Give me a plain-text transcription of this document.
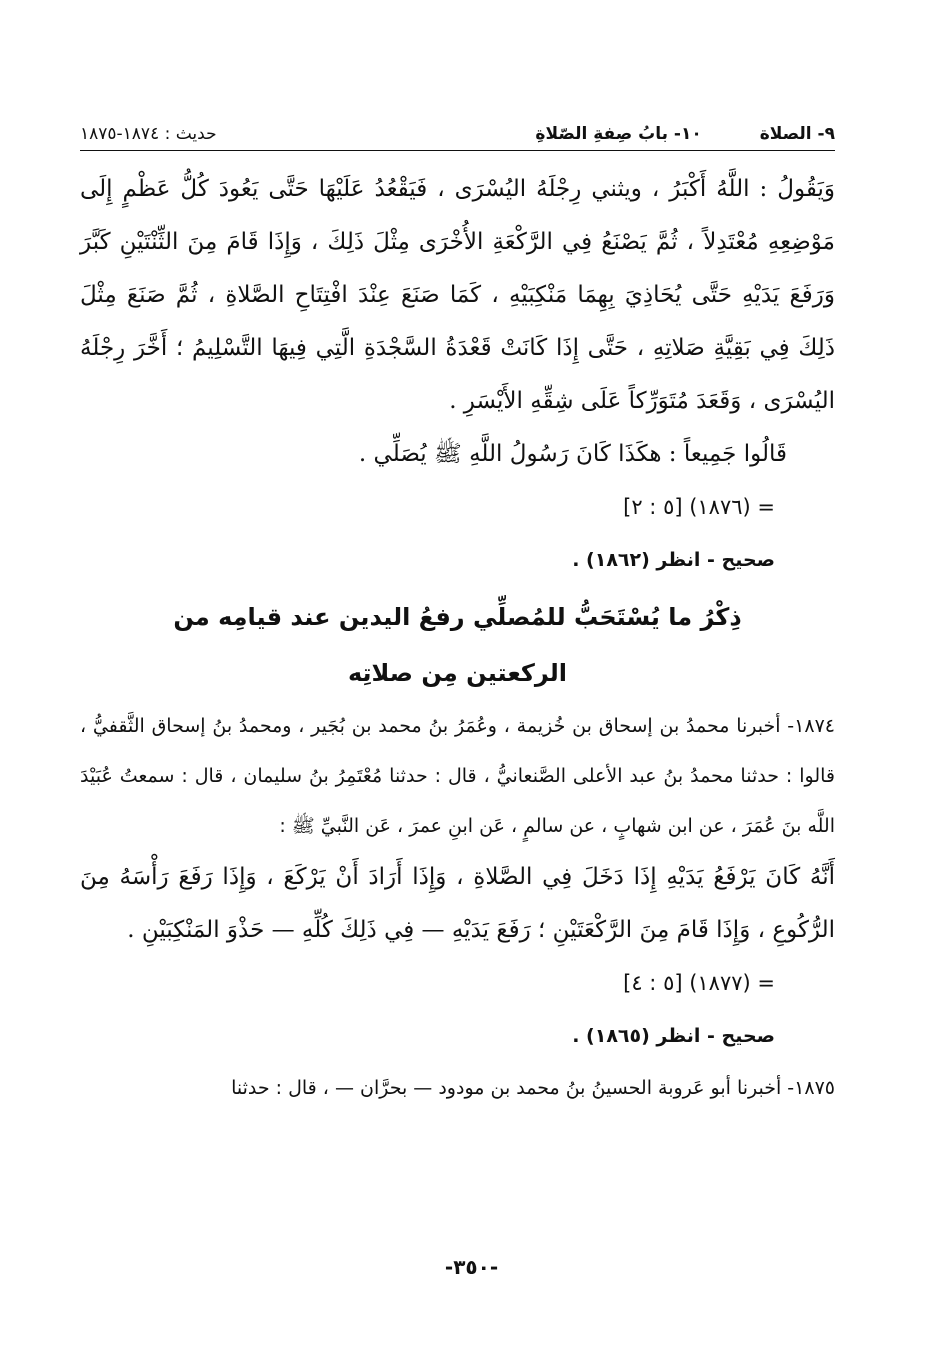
٩- الصلاة
١٠- بابُ صِفةِ الصّلاةِ
حديث : ١٨٧٤-١٨٧٥

وَيَقُولُ : اللَّهُ أَكْبَرُ ، ويثني رِجْلَهُ اليُسْرَى ، فَيَقْعُدُ عَلَيْهَا حَتَّى يَعُودَ كُلُّ عَظْمٍ إِلَى مَوْضِعِهِ مُعْتَدِلاً ، ثُمَّ يَصْنَعُ فِي الرَّكْعَةِ الأُخْرَى مِثْلَ ذَلِكَ ، وَإِذَا قَامَ مِنَ الثِّنْتَيْنِ كَبَّرَ وَرَفَعَ يَدَيْهِ حَتَّى يُحَاذِيَ بِهِمَا مَنْكِبَيْهِ ، كَمَا صَنَعَ عِنْدَ افْتِتَاحِ الصَّلاةِ ، ثُمَّ صَنَعَ مِثْلَ ذَلِكَ فِي بَقِيَّةِ صَلاتِهِ ، حَتَّى إِذَا كَانَتْ قَعْدَةُ السَّجْدَةِ الَّتِي فِيهَا التَّسْلِيمُ ؛ أَخَّرَ رِجْلَهُ اليُسْرَى ، وَقَعَدَ مُتَوَرِّكاً عَلَى شِقِّهِ الأَيْسَرِ .

قَالُوا جَمِيعاً : هكَذَا كَانَ رَسُولُ اللَّهِ ﷺ يُصَلِّي .

= (١٨٧٦) [٥ : ٢]

صحيح - انظر (١٨٦٢) .

ذِكْرُ ما يُسْتَحَبُّ للمُصلِّي رفعُ اليدين عند قيامِه من
الركعتين مِن صلاتِه

١٨٧٤- أخبرنا محمدُ بن إسحاق بن خُزيمة ، وعُمَرُ بنُ محمد بن بُجَير ، ومحمدُ بنُ إسحاق الثَّقفيُّ ، قالوا : حدثنا محمدُ بنُ عبد الأعلى الصَّنعانيُّ ، قال : حدثنا مُعْتَمِرُ بنُ سليمان ، قال : سمعتُ عُبَيْدَ اللَّه بنَ عُمَرَ ، عن ابن شهابٍ ، عن سالمٍ ، عَن ابنِ عمرَ ، عَن النَّبيِّ ﷺ :

أَنَّهُ كَانَ يَرْفَعُ يَدَيْهِ إِذَا دَخَلَ فِي الصَّلاةِ ، وَإِذَا أَرَادَ أَنْ يَرْكَعَ ، وَإِذَا رَفَعَ رَأْسَهُ مِنَ الرُّكُوعِ ، وَإِذَا قَامَ مِنَ الرَّكْعَتَيْنِ ؛ رَفَعَ يَدَيْهِ — فِي ذَلِكَ كُلِّهِ — حَذْوَ المَنْكِبَيْنِ .

= (١٨٧٧) [٥ : ٤]

صحيح - انظر (١٨٦٥) .

١٨٧٥- أخبرنا أبو عَروبة الحسينُ بنُ محمد بن مودود — بحرَّان — ، قال : حدثنا

-٣٥٠-
